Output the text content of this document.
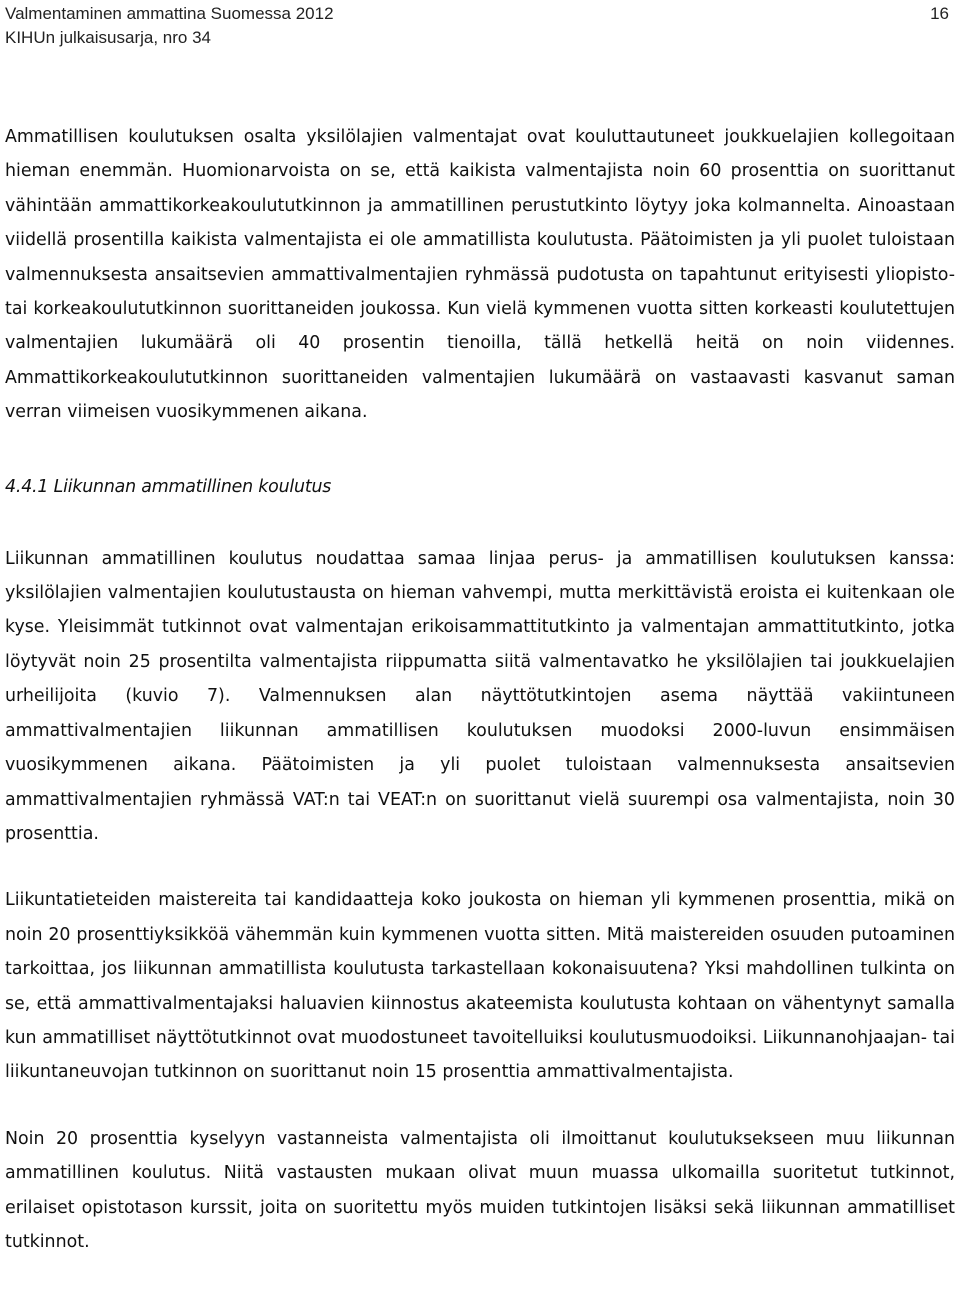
Valmentaminen ammattina Suomessa 2012
KIHUn julkaisusarja, nro 34
16

Ammatillisen koulutuksen osalta yksilölajien valmentajat ovat kouluttautuneet joukkuelajien kollegoitaan hieman enemmän. Huomionarvoista on se, että kaikista valmentajista noin 60 prosenttia on suorittanut vähintään ammattikorkeakoulututkinnon ja ammatillinen perustutkinto löytyy joka kolmannelta. Ainoastaan viidellä prosentilla kaikista valmentajista ei ole ammatillista koulutusta. Päätoimisten ja yli puolet tuloistaan valmennuksesta ansaitsevien ammattivalmentajien ryhmässä pudotusta on tapahtunut erityisesti yliopisto- tai korkeakoulututkinnon suorittaneiden joukossa. Kun vielä kymmenen vuotta sitten korkeasti koulutettujen valmentajien lukumäärä oli 40 prosentin tienoilla, tällä hetkellä heitä on noin viidennes. Ammattikorkeakoulututkinnon suorittaneiden valmentajien lukumäärä on vastaavasti kasvanut saman verran viimeisen vuosikymmenen aikana.

4.4.1 Liikunnan ammatillinen koulutus

Liikunnan ammatillinen koulutus noudattaa samaa linjaa perus- ja ammatillisen koulutuksen kanssa: yksilölajien valmentajien koulutustausta on hieman vahvempi, mutta merkittävistä eroista ei kuitenkaan ole kyse. Yleisimmät tutkinnot ovat valmentajan erikoisammattitutkinto ja valmentajan ammattitutkinto, jotka löytyvät noin 25 prosentilta valmentajista riippumatta siitä valmentavatko he yksilölajien tai joukkuelajien urheilijoita (kuvio 7). Valmennuksen alan näyttötutkintojen asema näyttää vakiintuneen ammattivalmentajien liikunnan ammatillisen koulutuksen muodoksi 2000-luvun ensimmäisen vuosikymmenen aikana. Päätoimisten ja yli puolet tuloistaan valmennuksesta ansaitsevien ammattivalmentajien ryhmässä VAT:n tai VEAT:n on suorittanut vielä suurempi osa valmentajista, noin 30 prosenttia.

Liikuntatieteiden maistereita tai kandidaatteja koko joukosta on hieman yli kymmenen prosenttia, mikä on noin 20 prosenttiyksikköä vähemmän kuin kymmenen vuotta sitten. Mitä maistereiden osuuden putoaminen tarkoittaa, jos liikunnan ammatillista koulutusta tarkastellaan kokonaisuutena? Yksi mahdollinen tulkinta on se, että ammattivalmentajaksi haluavien kiinnostus akateemista koulutusta kohtaan on vähentynyt samalla kun ammatilliset näyttötutkinnot ovat muodostuneet tavoitelluiksi koulutusmuodoiksi. Liikunnanohjaajan- tai liikuntaneuvojan tutkinnon on suorittanut noin 15 prosenttia ammattivalmentajista.

Noin 20 prosenttia kyselyyn vastanneista valmentajista oli ilmoittanut koulutuksekseen muu liikunnan ammatillinen koulutus. Niitä vastausten mukaan olivat muun muassa ulkomailla suoritetut tutkinnot, erilaiset opistotason kurssit, joita on suoritettu myös muiden tutkintojen lisäksi sekä liikunnan ammatilliset tutkinnot.
